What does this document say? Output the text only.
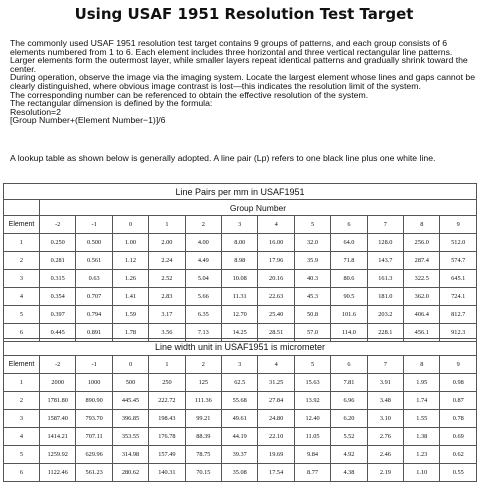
Using USAF 1951 Resolution Test Target

The commonly used USAF 1951 resolution test target contains 9 groups of patterns, and each group consists of 6 elements numbered from 1 to 6. Each element includes three horizontal and three vertical rectangular line patterns.

Larger elements form the outermost layer, while smaller layers repeat identical patterns and gradually shrink toward the center.

During operation, observe the image via the imaging system. Locate the largest element whose lines and gaps cannot be clearly distinguished, where obvious image contrast is lost—this indicates the resolution limit of the system.

The corresponding number can be referenced to obtain the effective resolution of the system.

The rectangular dimension is defined by the formula:

Resolution=2

[Group Number+(Element Number−1)]/6

A lookup table as shown below is generally adopted. A line pair (Lp) refers to one black line plus one white line.

Line Pairs per mm in USAF1951												
	Group Number											
Element	-2	-1	0	1	2	3	4	5	6	7	8	9
1	0.250	0.500	1.00	2.00	4.00	8.00	16.00	32.0	64.0	128.0	256.0	512.0
2	0.281	0.561	1.12	2.24	4.49	8.98	17.96	35.9	71.8	143.7	287.4	574.7
3	0.315	0.63	1.26	2.52	5.04	10.08	20.16	40.3	80.6	161.3	322.5	645.1
4	0.354	0.707	1.41	2.83	5.66	11.31	22.63	45.3	90.5	181.0	362.0	724.1
5	0.397	0.794	1.59	3.17	6.35	12.70	25.40	50.8	101.6	203.2	406.4	812.7
6	0.445	0.891	1.78	3.56	7.13	14.25	28.51	57.0	114.0	228.1	456.1	912.3
Line width unit in USAF1951 is micrometer												
Element	-2	-1	0	1	2	3	4	5	6	7	8	9
1	2000	1000	500	250	125	62.5	31.25	15.63	7.81	3.91	1.95	0.98
2	1781.80	890.90	445.45	222.72	111.36	55.68	27.84	13.92	6.96	3.48	1.74	0.87
3	1587.40	793.70	396.85	198.43	99.21	49.61	24.80	12.40	6.20	3.10	1.55	0.78
4	1414.21	707.11	353.55	176.78	88.39	44.19	22.10	11.05	5.52	2.76	1.38	0.69
5	1259.92	629.96	314.98	157.49	78.75	39.37	19.69	9.84	4.92	2.46	1.23	0.62
6	1122.46	561.23	280.62	140.31	70.15	35.08	17.54	8.77	4.38	2.19	1.10	0.55
